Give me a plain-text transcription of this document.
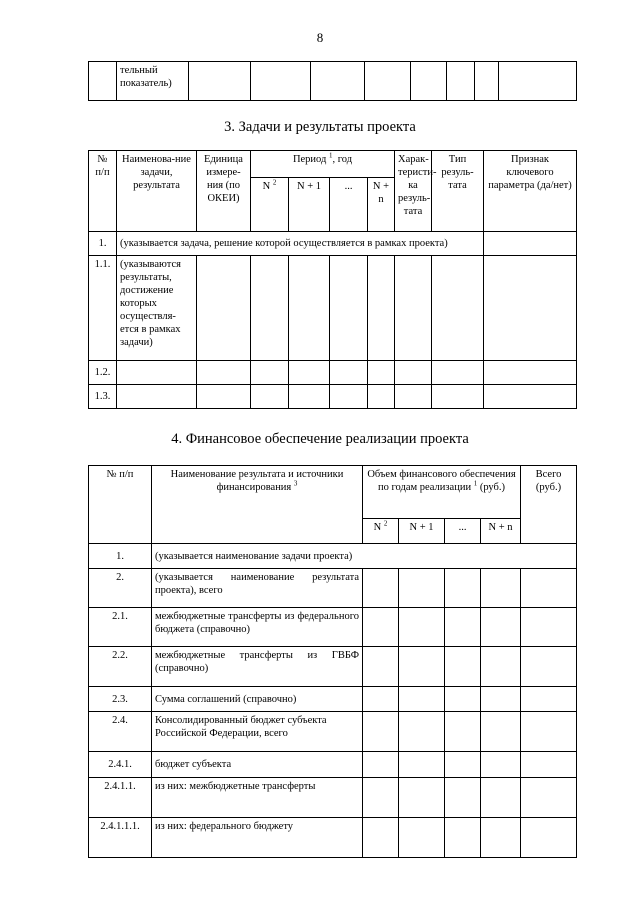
8
	тельный показатель)								
3. Задачи и результаты проекта
№ п/п	Наименова-ние задачи, результата	Единица измере-ния (по ОКЕИ)	Период $^1$, год				Харак-теристи-ка резуль-тата	Тип резуль-тата	Признак ключевого параметра (да/нет)
			N $^2$	N + 1	...	N + n			
1.	(указывается задача, решение которой осуществляется в рамках проекта)								
1.1.	(указываются результаты, достижение которых осуществля-ется в рамках задачи)								
1.2.									
1.3.									
4. Финансовое обеспечение реализации проекта
№ п/п	Наименование результата и источники финансирования $^3$	Объем финансового обеспечения по годам реализации $^1$ (руб.)				Всего (руб.)
		N $^2$	N + 1	...	N + n	
1.	(указывается наименование задачи проекта)					
2.	(указывается наименование результата проекта), всего					
2.1.	межбюджетные трансферты из федерального бюджета (справочно)					
2.2.	межбюджетные трансферты из ГВБФ (справочно)					
2.3.	Сумма соглашений (справочно)					
2.4.	Консолидированный бюджет субъекта Российской Федерации, всего					
2.4.1.	бюджет субъекта					
2.4.1.1.	из них: межбюджетные трансферты					
2.4.1.1.1.	из них: федерального бюджету					
